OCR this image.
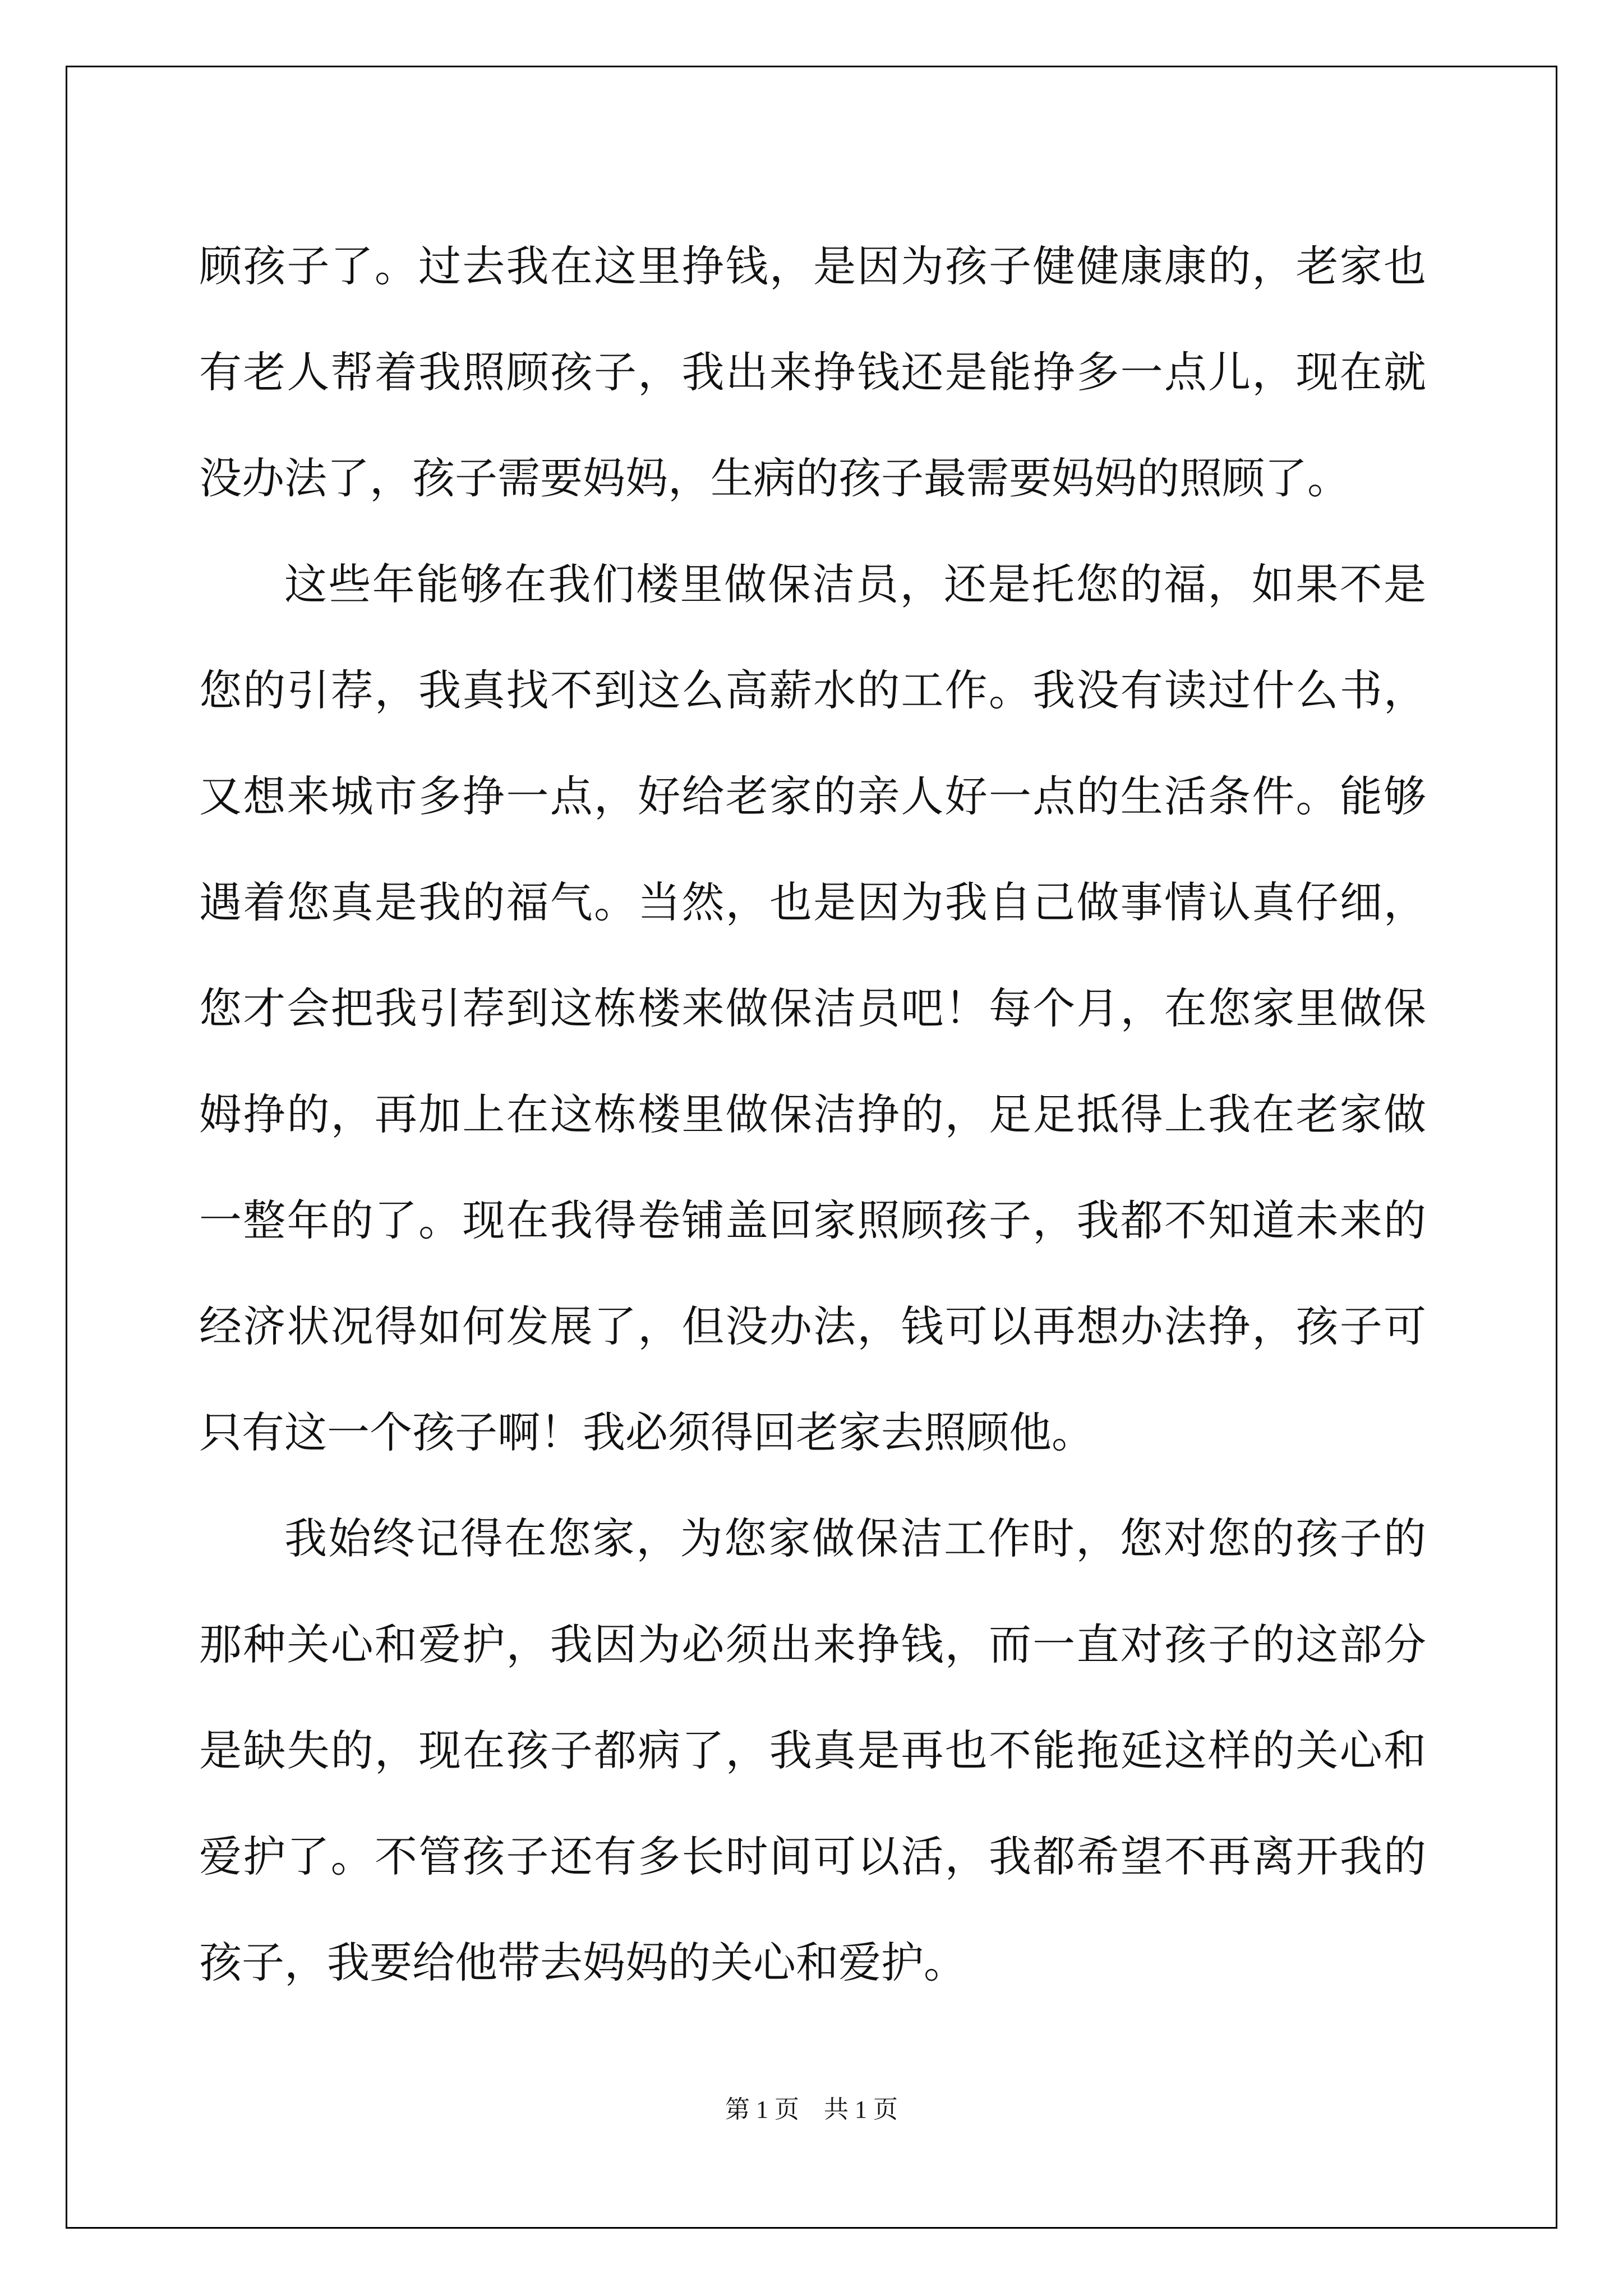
顾孩子了。过去我在这里挣钱，是因为孩子健健康康的，老家也有老人帮着我照顾孩子，我出来挣钱还是能挣多一点儿，现在就没办法了，孩子需要妈妈，生病的孩子最需要妈妈的照顾了。

这些年能够在我们楼里做保洁员，还是托您的福，如果不是您的引荐，我真找不到这么高薪水的工作。我没有读过什么书，又想来城市多挣一点，好给老家的亲人好一点的生活条件。能够遇着您真是我的福气。当然，也是因为我自己做事情认真仔细，您才会把我引荐到这栋楼来做保洁员吧！每个月，在您家里做保姆挣的，再加上在这栋楼里做保洁挣的，足足抵得上我在老家做一整年的了。现在我得卷铺盖回家照顾孩子，我都不知道未来的经济状况得如何发展了，但没办法，钱可以再想办法挣，孩子可只有这一个孩子啊！我必须得回老家去照顾他。

我始终记得在您家，为您家做保洁工作时，您对您的孩子的那种关心和爱护，我因为必须出来挣钱，而一直对孩子的这部分是缺失的，现在孩子都病了，我真是再也不能拖延这样的关心和爱护了。不管孩子还有多长时间可以活，我都希望不再离开我的孩子，我要给他带去妈妈的关心和爱护。

第 1 页    共 1 页
